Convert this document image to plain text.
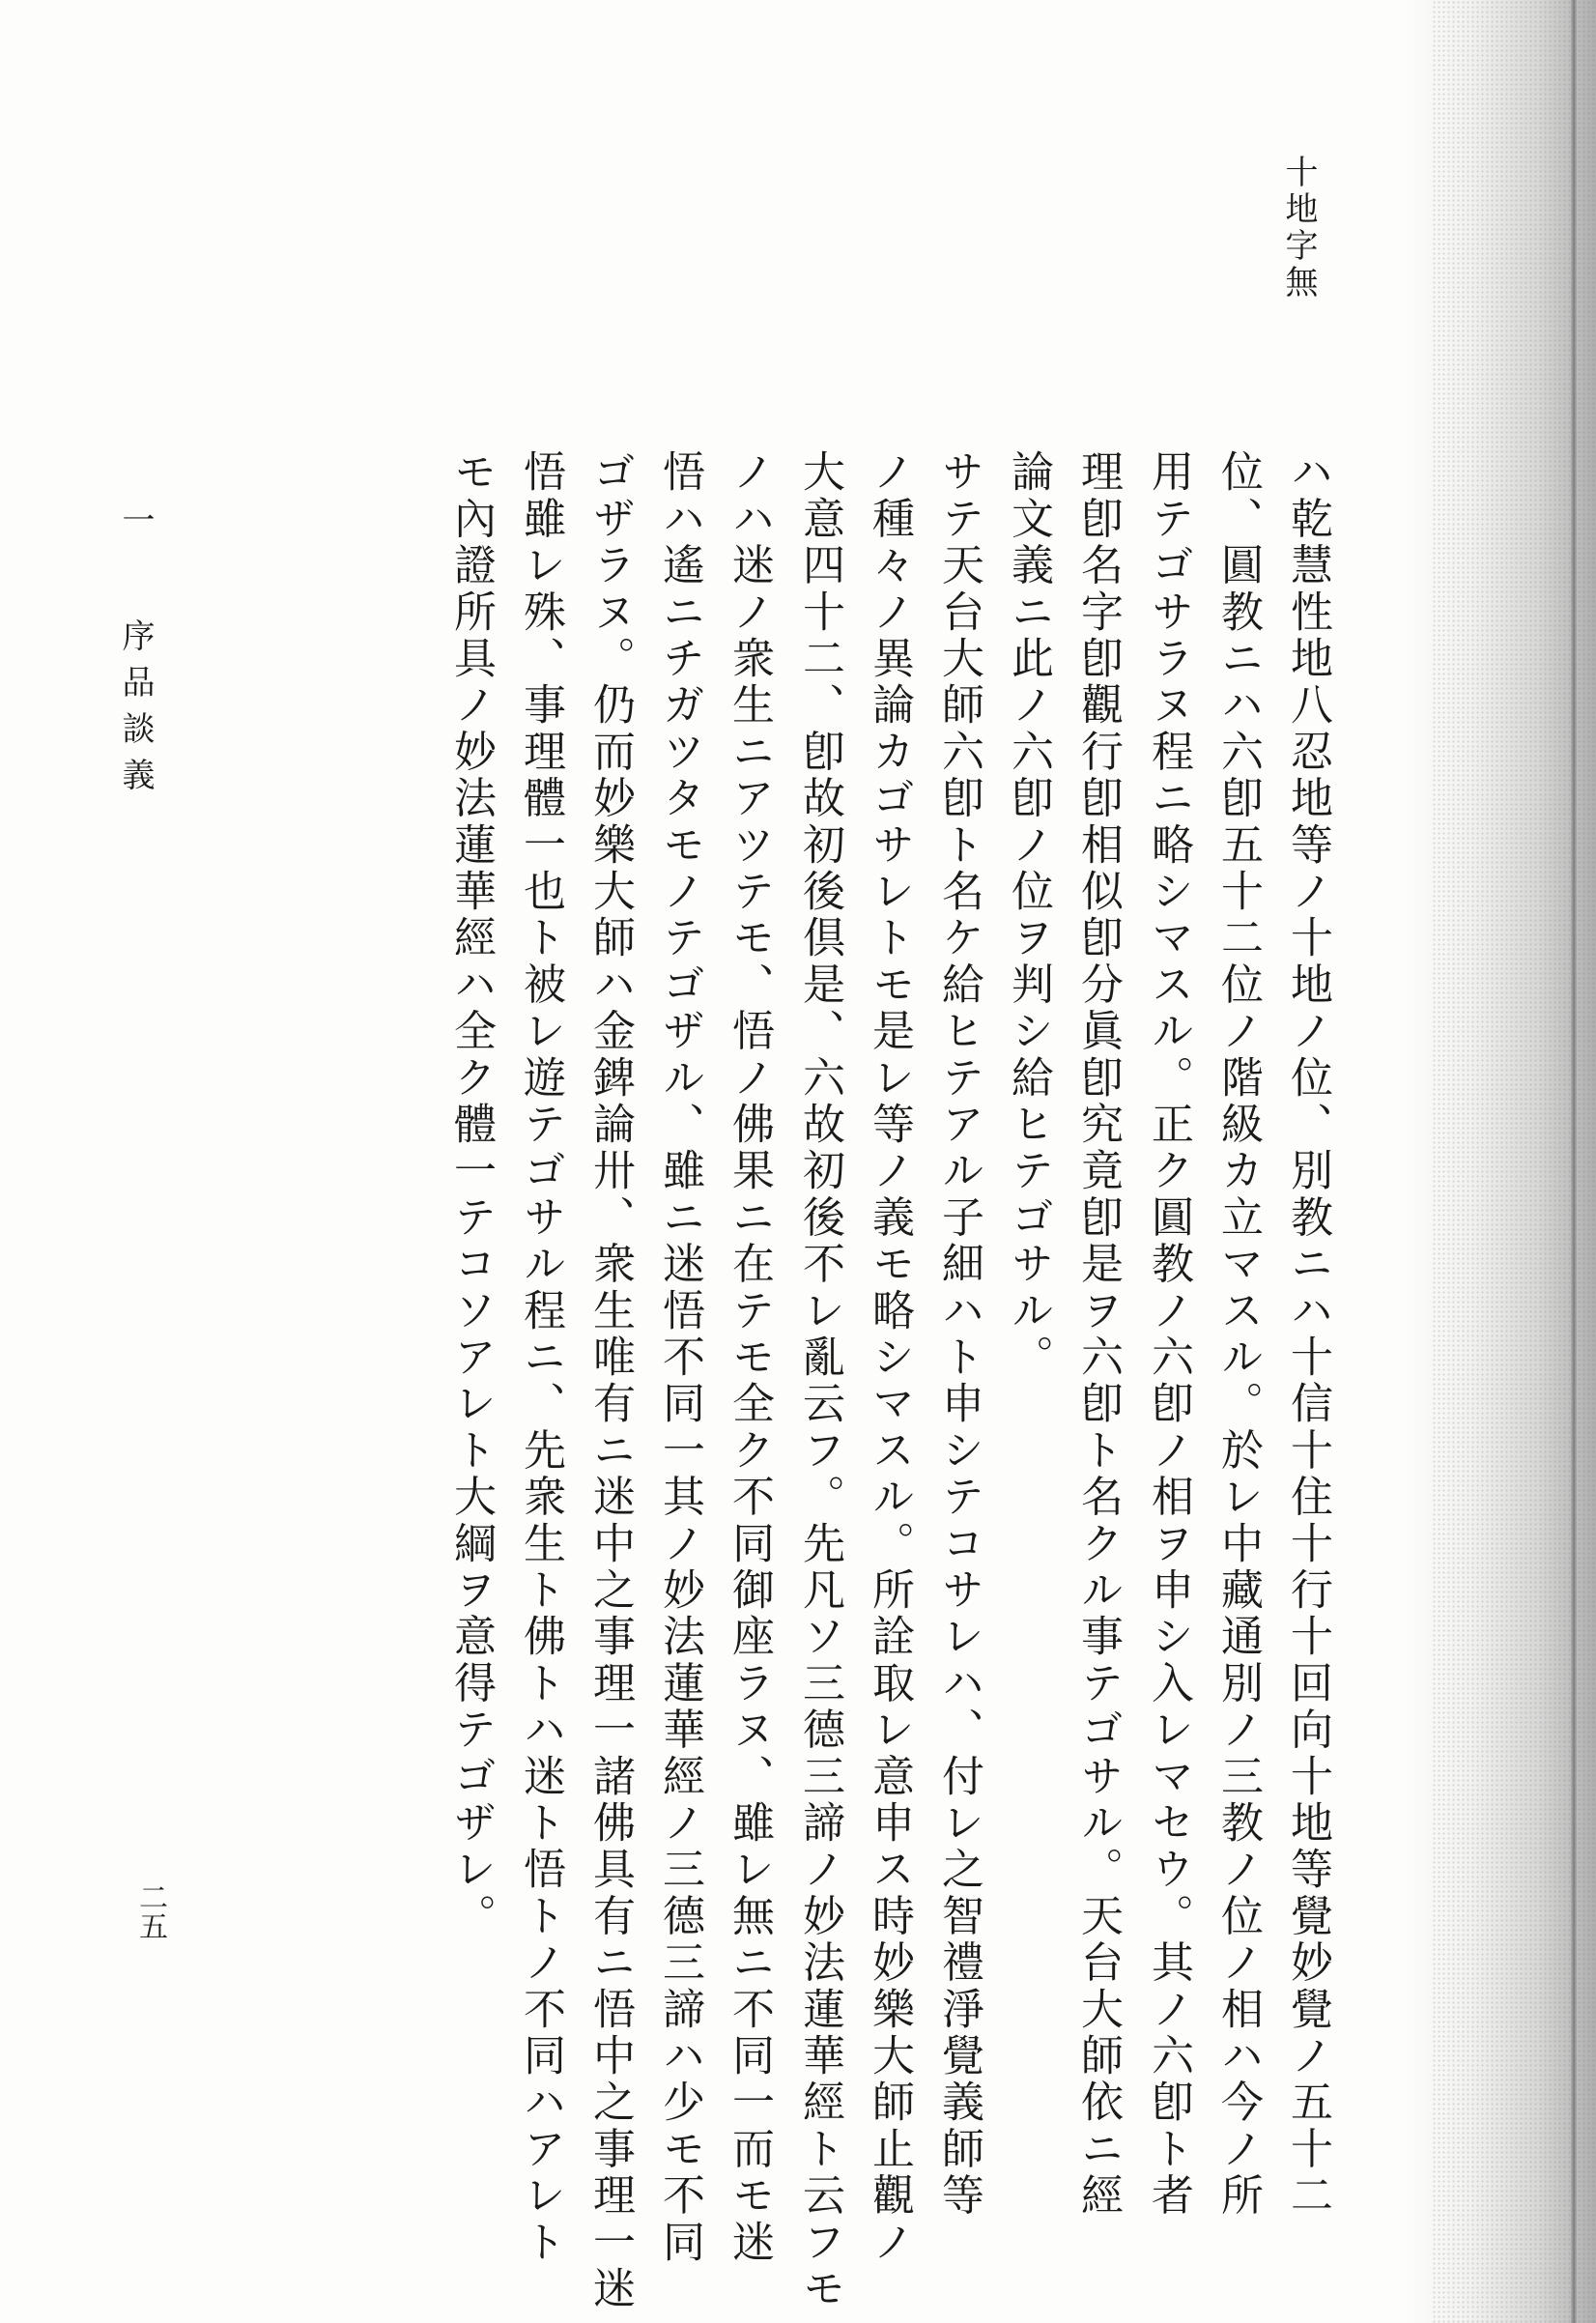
十地字無
ハ乾慧性地八忍地等ノ十地ノ位、別教ニハ十信十住十行十回向十地等覺妙覺ノ五十二
位、圓教ニハ六卽五十二位ノ階級カ立マスル。於レ中藏通別ノ三教ノ位ノ相ハ今ノ所
用テゴサラヌ程ニ略シマスル。正ク圓教ノ六卽ノ相ヲ申シ入レマセウ。其ノ六卽ト者
理卽名字卽觀行卽相似卽分眞卽究竟卽是ヲ六卽ト名クル事テゴサル。天台大師依ニ經
論文義ニ此ノ六卽ノ位ヲ判シ給ヒテゴサル。
サテ天台大師六卽ト名ケ給ヒテアル子細ハト申シテコサレハ、付レ之智禮淨覺義師等
ノ種々ノ異論カゴサレトモ是レ等ノ義モ略シマスル。所詮取レ意申ス時妙樂大師止觀ノ
大意四十二、卽故初後倶是、六故初後不レ亂云フ。先凡ソ三德三諦ノ妙法蓮華經ト云フモ
ノハ迷ノ衆生ニアツテモ、悟ノ佛果ニ在テモ全ク不同御座ラヌ、雖レ無ニ不同一而モ迷
悟ハ遙ニチガツタモノテゴザル、雖ニ迷悟不同一其ノ妙法蓮華經ノ三德三諦ハ少モ不同
ゴザラヌ。仍而妙樂大師ハ金錍論卅、衆生唯有ニ迷中之事理一諸佛具有ニ悟中之事理一迷
悟雖レ殊、事理體一也ト被レ遊テゴサル程ニ、先衆生ト佛トハ迷ト悟トノ不同ハアレト
モ內證所具ノ妙法蓮華經ハ全ク體一テコソアレト大綱ヲ意得テゴザレ。
一
序品談義
二五
